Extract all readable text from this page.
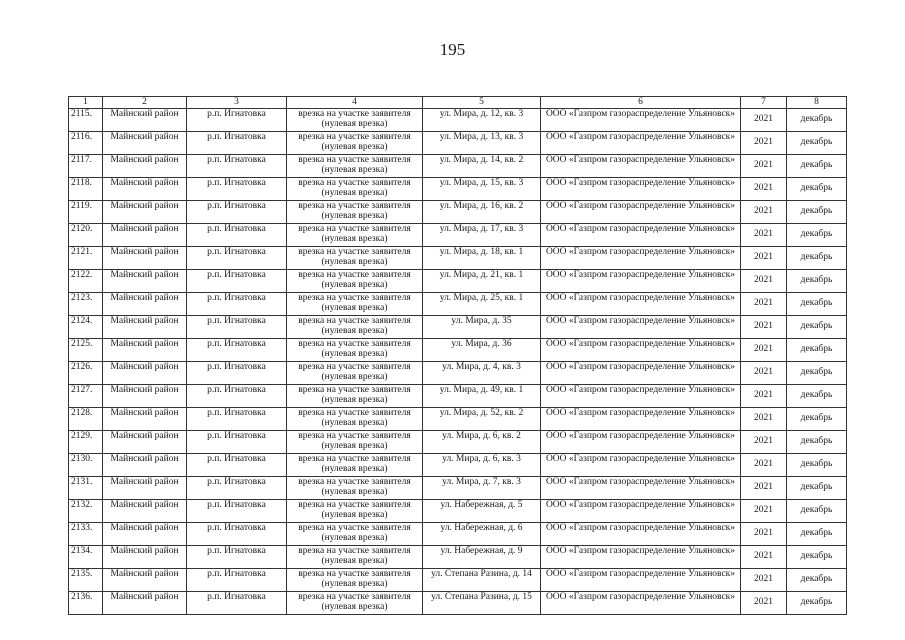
195
1	2	3	4	5	6	7	8
2115.	Майнский район	р.п. Игнатовка	врезка на участке заявителя (нулевая врезка)	ул. Мира, д. 12, кв. 3	ООО «Газпром газораспределение Ульяновск»	2021	декабрь
2116.	Майнский район	р.п. Игнатовка	врезка на участке заявителя (нулевая врезка)	ул. Мира, д. 13, кв. 3	ООО «Газпром газораспределение Ульяновск»	2021	декабрь
2117.	Майнский район	р.п. Игнатовка	врезка на участке заявителя (нулевая врезка)	ул. Мира, д. 14, кв. 2	ООО «Газпром газораспределение Ульяновск»	2021	декабрь
2118.	Майнский район	р.п. Игнатовка	врезка на участке заявителя (нулевая врезка)	ул. Мира, д. 15, кв. 3	ООО «Газпром газораспределение Ульяновск»	2021	декабрь
2119.	Майнский район	р.п. Игнатовка	врезка на участке заявителя (нулевая врезка)	ул. Мира, д. 16, кв. 2	ООО «Газпром газораспределение Ульяновск»	2021	декабрь
2120.	Майнский район	р.п. Игнатовка	врезка на участке заявителя (нулевая врезка)	ул. Мира, д. 17, кв. 3	ООО «Газпром газораспределение Ульяновск»	2021	декабрь
2121.	Майнский район	р.п. Игнатовка	врезка на участке заявителя (нулевая врезка)	ул. Мира, д. 18, кв. 1	ООО «Газпром газораспределение Ульяновск»	2021	декабрь
2122.	Майнский район	р.п. Игнатовка	врезка на участке заявителя (нулевая врезка)	ул. Мира, д. 21, кв. 1	ООО «Газпром газораспределение Ульяновск»	2021	декабрь
2123.	Майнский район	р.п. Игнатовка	врезка на участке заявителя (нулевая врезка)	ул. Мира, д. 25, кв. 1	ООО «Газпром газораспределение Ульяновск»	2021	декабрь
2124.	Майнский район	р.п. Игнатовка	врезка на участке заявителя (нулевая врезка)	ул. Мира, д. 35	ООО «Газпром газораспределение Ульяновск»	2021	декабрь
2125.	Майнский район	р.п. Игнатовка	врезка на участке заявителя (нулевая врезка)	ул. Мира, д. 36	ООО «Газпром газораспределение Ульяновск»	2021	декабрь
2126.	Майнский район	р.п. Игнатовка	врезка на участке заявителя (нулевая врезка)	ул. Мира, д. 4, кв. 3	ООО «Газпром газораспределение Ульяновск»	2021	декабрь
2127.	Майнский район	р.п. Игнатовка	врезка на участке заявителя (нулевая врезка)	ул. Мира, д. 49, кв. 1	ООО «Газпром газораспределение Ульяновск»	2021	декабрь
2128.	Майнский район	р.п. Игнатовка	врезка на участке заявителя (нулевая врезка)	ул. Мира, д. 52, кв. 2	ООО «Газпром газораспределение Ульяновск»	2021	декабрь
2129.	Майнский район	р.п. Игнатовка	врезка на участке заявителя (нулевая врезка)	ул. Мира, д. 6, кв. 2	ООО «Газпром газораспределение Ульяновск»	2021	декабрь
2130.	Майнский район	р.п. Игнатовка	врезка на участке заявителя (нулевая врезка)	ул. Мира, д. 6, кв. 3	ООО «Газпром газораспределение Ульяновск»	2021	декабрь
2131.	Майнский район	р.п. Игнатовка	врезка на участке заявителя (нулевая врезка)	ул. Мира, д. 7, кв. 3	ООО «Газпром газораспределение Ульяновск»	2021	декабрь
2132.	Майнский район	р.п. Игнатовка	врезка на участке заявителя (нулевая врезка)	ул. Набережная, д. 5	ООО «Газпром газораспределение Ульяновск»	2021	декабрь
2133.	Майнский район	р.п. Игнатовка	врезка на участке заявителя (нулевая врезка)	ул. Набережная, д. 6	ООО «Газпром газораспределение Ульяновск»	2021	декабрь
2134.	Майнский район	р.п. Игнатовка	врезка на участке заявителя (нулевая врезка)	ул. Набережная, д. 9	ООО «Газпром газораспределение Ульяновск»	2021	декабрь
2135.	Майнский район	р.п. Игнатовка	врезка на участке заявителя (нулевая врезка)	ул. Степана Разина, д. 14	ООО «Газпром газораспределение Ульяновск»	2021	декабрь
2136.	Майнский район	р.п. Игнатовка	врезка на участке заявителя (нулевая врезка)	ул. Степана Разина, д. 15	ООО «Газпром газораспределение Ульяновск»	2021	декабрь
